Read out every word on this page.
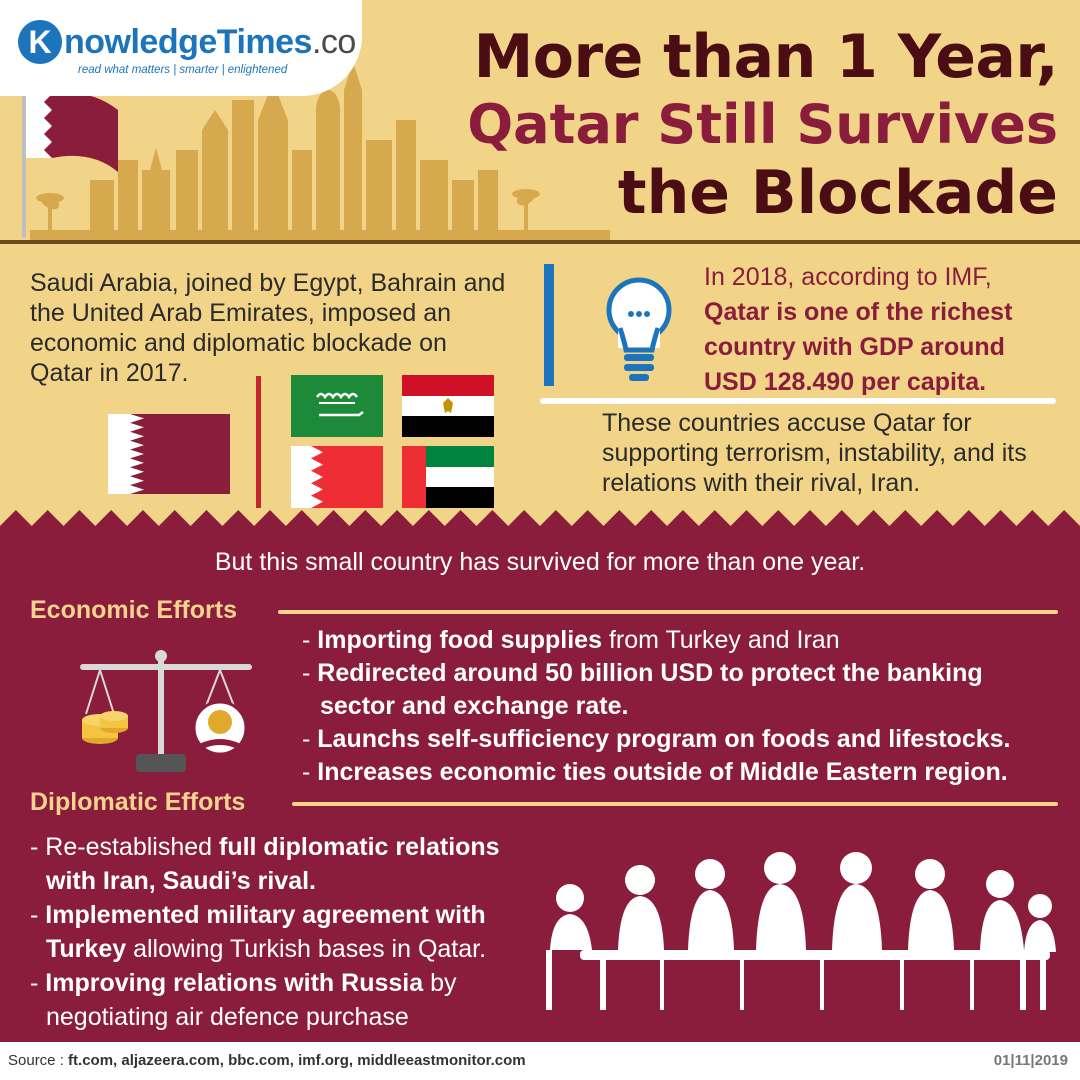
K nowledgeTimes.co
read what matters | smarter | enlightened	More than 1 Year,
Qatar Still Survives
the Blockade
Saudi Arabia, joined by Egypt, Bahrain and the United Arab Emirates, imposed an economic and diplomatic blockade on Qatar in 2017.
In 2018, according to IMF,
Qatar is one of the richest country with GDP around USD 128.490 per capita.
These countries accuse Qatar for supporting terrorism, instability, and its relations with their rival, Iran.
But this small country has survived for more than one year.
Economic Efforts
- Importing food supplies from Turkey and Iran
- Redirected around 50 billion USD to protect the banking sector and exchange rate.
- Launchs self-sufficiency program on foods and lifestocks.
- Increases economic ties outside of Middle Eastern region.
Diplomatic Efforts
- Re-established full diplomatic relations with Iran, Saudi’s rival.
- Implemented military agreement with Turkey allowing Turkish bases in Qatar.
- Improving relations with Russia by negotiating air defence purchase
Source : ft.com, aljazeera.com, bbc.com, imf.org, middleeastmonitor.com	01|11|2019
